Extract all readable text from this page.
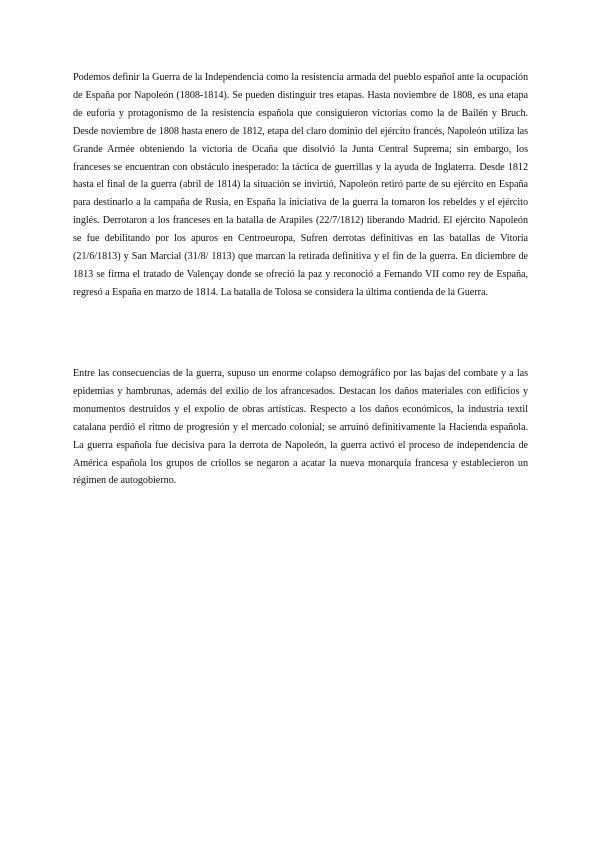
Podemos definir la Guerra de la Independencia como la resistencia armada del pueblo español ante la ocupación de España por Napoleón (1808-1814). Se pueden distinguir tres etapas. Hasta noviembre de 1808, es una etapa de euforia y protagonismo de la resistencia española que consiguieron victorias como la de Bailén y Bruch. Desde noviembre de 1808 hasta enero de 1812, etapa del claro dominio del ejército francés, Napoleón utiliza las Grande Armée obteniendo la victoria de Ocaña que disolvió la Junta Central Suprema; sin embargo, los franceses se encuentran con obstáculo inesperado: la táctica de guerrillas y la ayuda de Inglaterra. Desde 1812 hasta el final de la guerra (abril de 1814) la situación se invirtió, Napoleón retiró parte de su ejército en España para destinarlo a la campaña de Rusia, en España la iniciativa de la guerra la tomaron los rebeldes y el ejército inglés. Derrotaron a los franceses en la batalla de Arapiles (22/7/1812) liberando Madrid. El ejército Napoleón se fue debilitando por los apuros en Centroeuropa, Sufren derrotas definitivas en las batallas de Vitoria (21/6/1813) y San Marcial (31/8/ 1813) que marcan la retirada definitiva y el fin de la guerra. En diciembre de 1813 se firma el tratado de Valençay donde se ofreció la paz y reconoció a Fernando VII como rey de España, regresó a España en marzo de 1814. La batalla de Tolosa se considera la última contienda de la Guerra.

Entre las consecuencias de la guerra, supuso un enorme colapso demográfico por las bajas del combate y a las epidemias y hambrunas, además del exilio de los afrancesados. Destacan los daños materiales con edificios y monumentos destruidos y el expolio de obras artísticas. Respecto a los daños económicos, la industria textil catalana perdió el ritmo de progresión y el mercado colonial; se arruinó definitivamente la Hacienda española. La guerra española fue decisiva para la derrota de Napoleón, la guerra activó el proceso de independencia de América española los grupos de criollos se negaron a acatar la nueva monarquía francesa y establecieron un régimen de autogobierno.
